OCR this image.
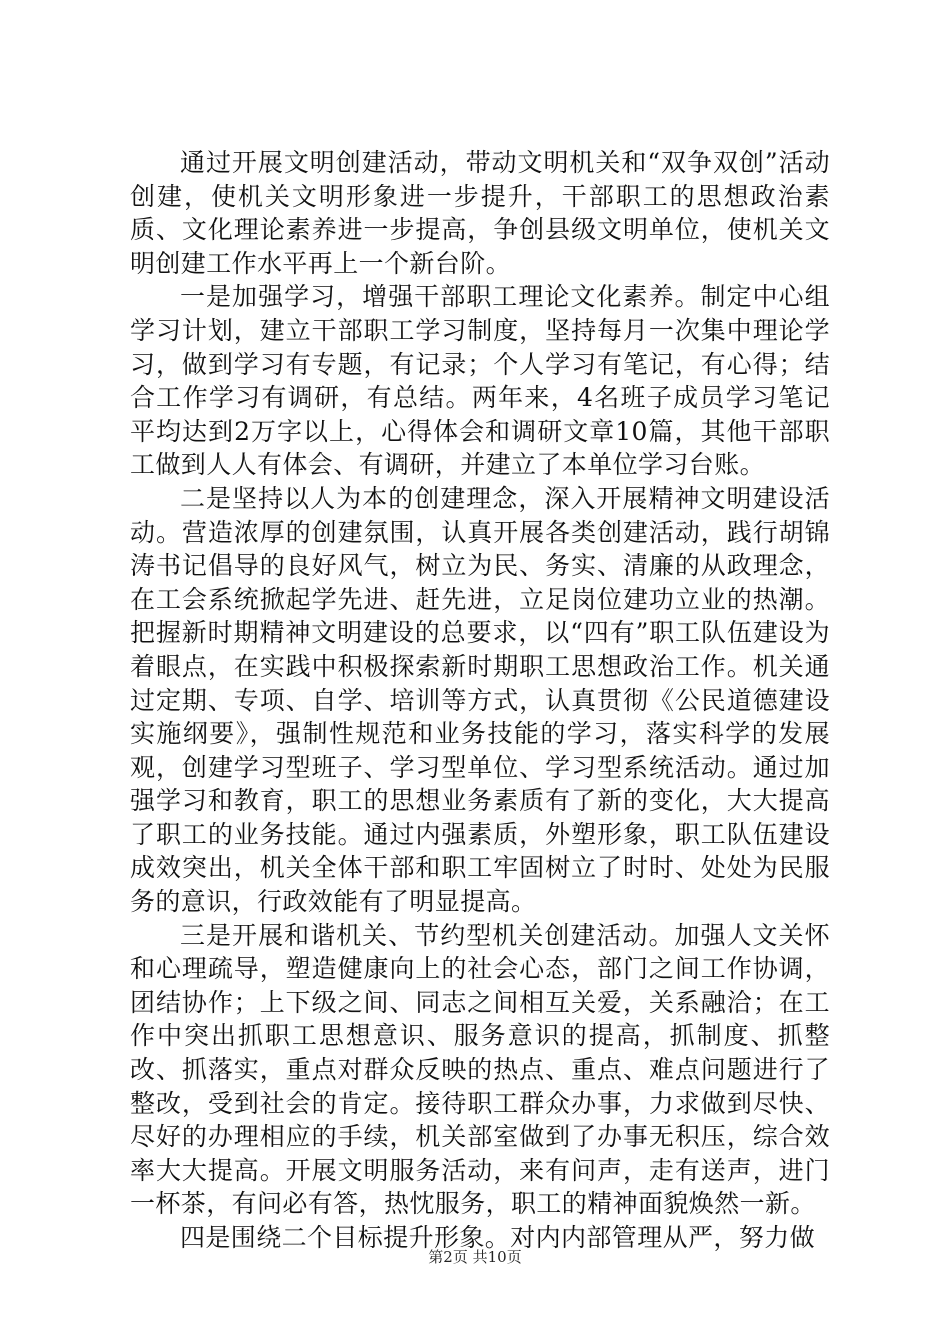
通过开展文明创建活动，带动文明机关和“双争双创”活动创建，使机关文明形象进一步提升，干部职工的思想政治素质、文化理论素养进一步提高，争创县级文明单位，使机关文明创建工作水平再上一个新台阶。

一是加强学习，增强干部职工理论文化素养。制定中心组学习计划，建立干部职工学习制度，坚持每月一次集中理论学习，做到学习有专题，有记录；个人学习有笔记，有心得；结合工作学习有调研，有总结。两年来，4名班子成员学习笔记平均达到2万字以上，心得体会和调研文章10篇，其他干部职工做到人人有体会、有调研，并建立了本单位学习台账。

二是坚持以人为本的创建理念，深入开展精神文明建设活动。营造浓厚的创建氛围，认真开展各类创建活动，践行胡锦涛书记倡导的良好风气，树立为民、务实、清廉的从政理念，在工会系统掀起学先进、赶先进，立足岗位建功立业的热潮。把握新时期精神文明建设的总要求，以“四有”职工队伍建设为着眼点，在实践中积极探索新时期职工思想政治工作。机关通过定期、专项、自学、培训等方式，认真贯彻《公民道德建设实施纲要》，强制性规范和业务技能的学习，落实科学的发展观，创建学习型班子、学习型单位、学习型系统活动。通过加强学习和教育，职工的思想业务素质有了新的变化，大大提高了职工的业务技能。通过内强素质，外塑形象，职工队伍建设成效突出，机关全体干部和职工牢固树立了时时、处处为民服务的意识，行政效能有了明显提高。

三是开展和谐机关、节约型机关创建活动。加强人文关怀和心理疏导，塑造健康向上的社会心态，部门之间工作协调，团结协作；上下级之间、同志之间相互关爱，关系融洽；在工作中突出抓职工思想意识、服务意识的提高，抓制度、抓整改、抓落实，重点对群众反映的热点、重点、难点问题进行了整改，受到社会的肯定。接待职工群众办事，力求做到尽快、尽好的办理相应的手续，机关部室做到了办事无积压，综合效率大大提高。开展文明服务活动，来有问声，走有送声，进门一杯茶，有问必有答，热忱服务，职工的精神面貌焕然一新。

四是围绕二个目标提升形象。对内内部管理从严，努力做

第2页 共10页
